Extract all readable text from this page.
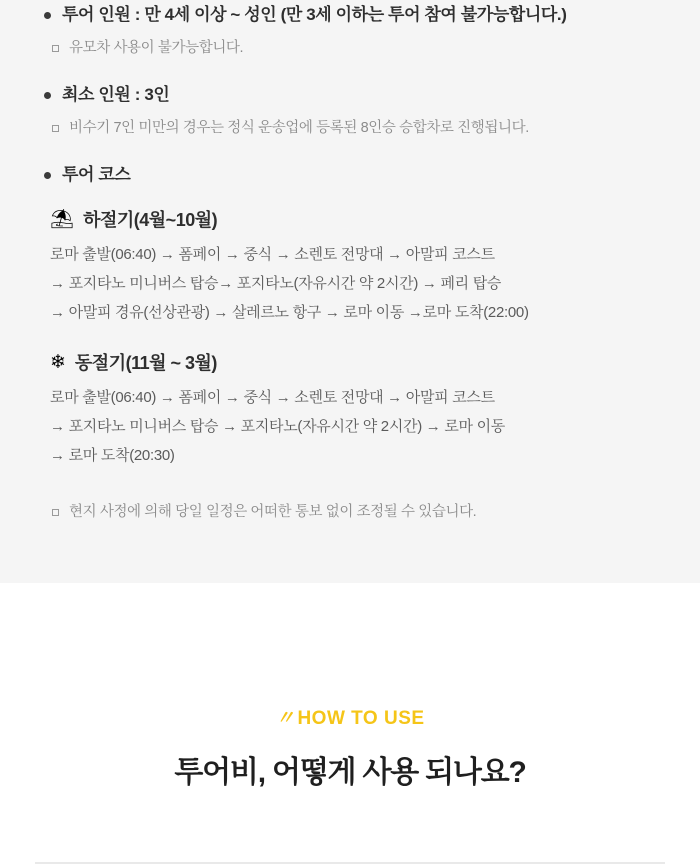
투어 인원 : 만 4세 이상 ~ 성인 (만 3세 이하는 투어 참여 불가능합니다.)
유모차 사용이 불가능합니다.
최소 인원 : 3인
비수기 7인 미만의 경우는 정식 운송업에 등록된 8인승 승합차로 진행됩니다.
투어 코스
⛱ 하절기(4월~10월)
로마 출발(06:40) → 폼페이 → 중식 → 소렌토 전망대 → 아말피 코스트
→ 포지타노 미니버스 탑승→ 포지타노(자유시간 약 2시간) → 페리 탑승
→ 아말피 경유(선상관광) → 살레르노 항구 → 로마 이동 →로마 도착(22:00)
❄ 동절기(11월 ~ 3월)
로마 출발(06:40) → 폼페이 → 중식 → 소렌토 전망대 → 아말피 코스트
→ 포지타노 미니버스 탑승 → 포지타노(자유시간 약 2시간) → 로마 이동
→ 로마 도착(20:30)
현지 사정에 의해 당일 일정은 어떠한 통보 없이 조정될 수 있습니다.
〃 HOW TO USE
투어비, 어떻게 사용 되나요?
